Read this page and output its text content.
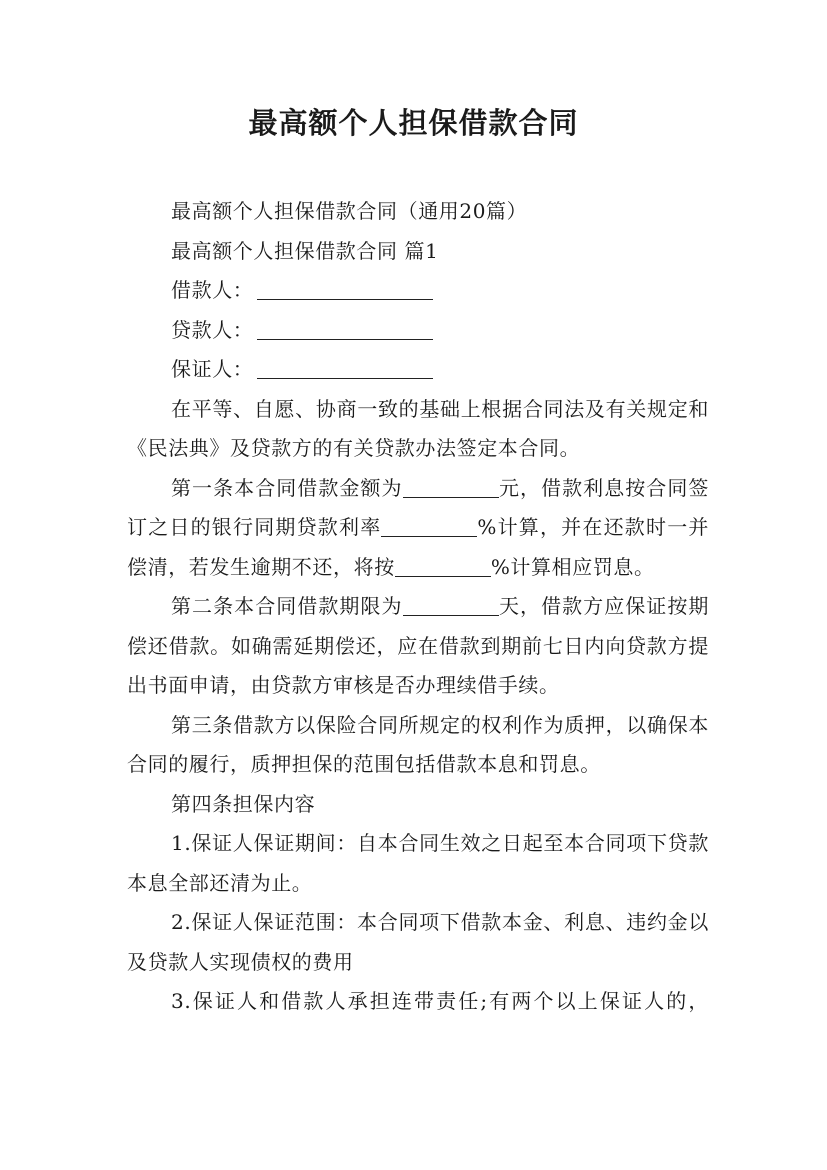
最高额个人担保借款合同

最高额个人担保借款合同（通用20篇）

最高额个人担保借款合同 篇1

借款人：

贷款人：

保证人：

在平等、自愿、协商一致的基础上根据合同法及有关规定和《民法典》及贷款方的有关贷款办法签定本合同。

第一条本合同借款金额为	元，借款利息按合同签订之日的银行同期贷款利率	%计算，并在还款时一并偿清，若发生逾期不还，将按	%计算相应罚息。

第二条本合同借款期限为	天，借款方应保证按期偿还借款。如确需延期偿还，应在借款到期前七日内向贷款方提出书面申请，由贷款方审核是否办理续借手续。

第三条借款方以保险合同所规定的权利作为质押，以确保本合同的履行，质押担保的范围包括借款本息和罚息。

第四条担保内容

1.保证人保证期间：自本合同生效之日起至本合同项下贷款本息全部还清为止。

2.保证人保证范围：本合同项下借款本金、利息、违约金以及贷款人实现债权的费用

3.保证人和借款人承担连带责任;有两个以上保证人的，
